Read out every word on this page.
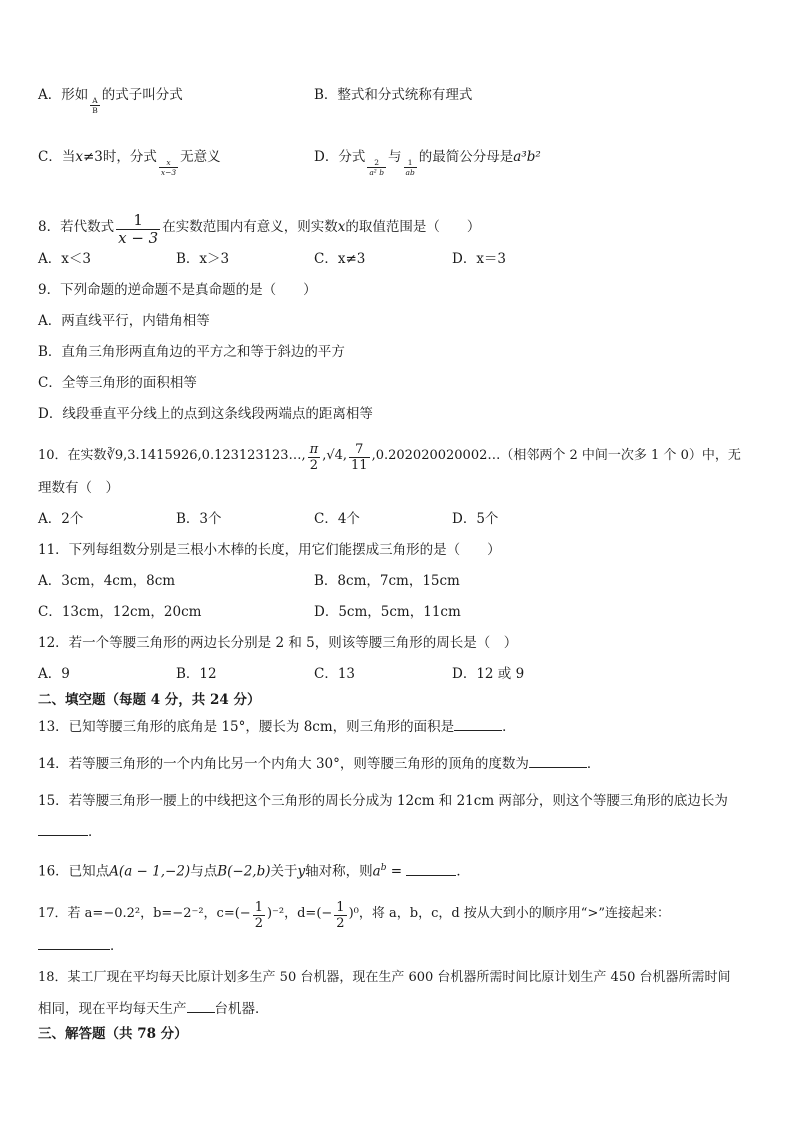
A．形如
$\frac{A}{B}$
的式子叫分式	B．整式和分式统称有理式
C．当x≠3时，分式
$\frac{x}{x-3}$
无意义	D．分式
$\frac{2}{\text{a² b}}$
与
$\frac{1}{ab}$
的最简公分母是a³b²
8．若代数式 $\frac{1}{x - 3}$ 在实数范围内有意义，则实数x的取值范围是（　　）
A．x＜3	B．x＞3	C．x≠3	D．x＝3
9．下列命题的逆命题不是真命题的是（　　）
A．两直线平行，内错角相等
B．直角三角形两直角边的平方之和等于斜边的平方
C．全等三角形的面积相等
D．线段垂直平分线上的点到这条线段两端点的距离相等
10．在实数∛9,3.1415926,0.123123123…, $\frac{\pi}{2} ,√4$, $\frac{7}{11}$ ,0.202020020002…（相邻两个 2 中间一次多 1 个 0）中，无
理数有（　）
A．2个	B．3个	C．4个	D．5个
11．下列每组数分别是三根小木棒的长度，用它们能摆成三角形的是（　　）
A．3cm，4cm，8cm	B．8cm，7cm，15cm
C．13cm，12cm，20cm	D．5cm，5cm，11cm
12．若一个等腰三角形的两边长分别是 2 和 5，则该等腰三角形的周长是（　）
A．9	B．12	C．13	D．12 或 9
二、填空题（每题 4 分，共 24 分）
13．已知等腰三角形的底角是 15°，腰长为 8cm，则三角形的面积是	．
14．若等腰三角形的一个内角比另一个内角大 30°，则等腰三角形的顶角的度数为	．
15．若等腰三角形一腰上的中线把这个三角形的周长分成为 12cm 和 21cm 两部分，则这个等腰三角形的底边长为
．
16．已知点A(a − 1,−2)与点B(−2,b)关于y轴对称，则$a^b$ =	．
17．若 a=−0.2²，b=−2⁻²，$c=(- \frac{1}{2} )^{-2}$，$d=(- \frac{1}{2} )^0$，将 a，b，c，d 按从大到小的顺序用“>”连接起来：
．
18．某工厂现在平均每天比原计划多生产 50 台机器，现在生产 600 台机器所需时间比原计划生产 450 台机器所需时间
相同，现在平均每天生产 台机器．
三、解答题（共 78 分）
